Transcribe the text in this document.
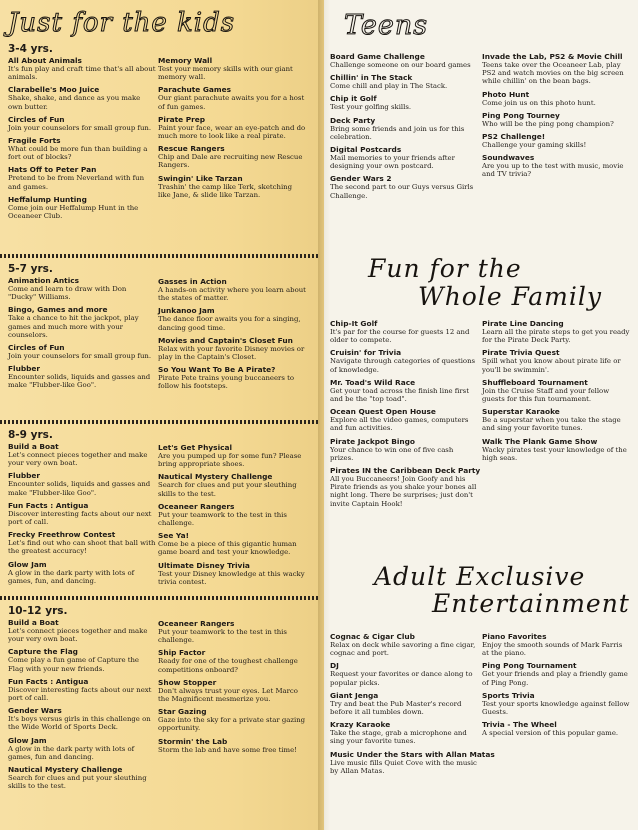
Just for the kids	Teens
Fun for the
Whole Family
Adult Exclusive
Entertainment
3-4 yrs.
All About Animals
It's fun play and craft time that's all about animals.
Clarabelle's Moo Juice
Shake, shake, and dance as you make own butter.
Circles of Fun
Join your counselors for small group fun.
Fragile Forts
What could be more fun than building a fort out of blocks?
Hats Off to Peter Pan
Pretend to be from Neverland with fun and games.
Heffalump Hunting
Come join our Heffalump Hunt in the Oceaneer Club.
Memory Wall
Test your memory skills with our giant memory wall.
Parachute Games
Our giant parachute awaits you for a host of fun games.
Pirate Prep
Paint your face, wear an eye-patch and do much more to look like a real pirate.
Rescue Rangers
Chip and Dale are recruiting new Rescue Rangers.
Swingin' Like Tarzan
Trashin' the camp like Terk, sketching like Jane, & slide like Tarzan.
5-7 yrs.
Animation Antics
Come and learn to draw with Don "Ducky" Williams.
Bingo, Games and more
Take a chance to hit the jackpot, play games and much more with your counselors.
Circles of Fun
Join your counselors for small group fun.
Flubber
Encounter solids, liquids and gasses and make "Flubber-like Goo".
Gasses in Action
A hands-on activity where you learn about the states of matter.
Junkanoo Jam
The dance floor awaits you for a singing, dancing good time.
Movies and Captain's Closet Fun
Relax with your favorite Disney movies or play in the Captain's Closet.
So You Want To Be A Pirate?
Pirate Pete trains young buccaneers to follow his footsteps.
8-9 yrs.
Build a Boat
Let's connect pieces together and make your very own boat.
Flubber
Encounter solids, liquids and gasses and make "Flubber-like Goo".
Fun Facts : Antigua
Discover interesting facts about our next port of call.
Frecky Freethrow Contest
Let's find out who can shoot that ball with the greatest accuracy!
Glow Jam
A glow in the dark party with lots of games, fun, and dancing.
Let's Get Physical
Are you pumped up for some fun? Please bring appropriate shoes.
Nautical Mystery Challenge
Search for clues and put your sleuthing skills to the test.
Oceaneer Rangers
Put your teamwork to the test in this challenge.
See Ya!
Come be a piece of this gigantic human game board and test your knowledge.
Ultimate Disney Trivia
Test your Disney knowledge at this wacky trivia contest.
10-12 yrs.
Build a Boat
Let's connect pieces together and make your very own boat.
Capture the Flag
Come play a fun game of Capture the Flag with your new friends.
Fun Facts : Antigua
Discover interesting facts about our next port of call.
Gender Wars
It's boys versus girls in this challenge on the Wide World of Sports Deck.
Glow Jam
A glow in the dark party with lots of games, fun and dancing.
Nautical Mystery Challenge
Search for clues and put your sleuthing skills to the test.
Oceaneer Rangers
Put your teamwork to the test in this challenge.
Ship Factor
Ready for one of the toughest challenge competitions onboard?
Show Stopper
Don't always trust your eyes. Let Marco the Magnificent mesmerize you.
Star Gazing
Gaze into the sky for a private star gazing opportunity.
Stormin' the Lab
Storm the lab and have some free time!
Board Game Challenge
Challenge someone on our board games
Chillin' in The Stack
Come chill and play in The Stack.
Chip it Golf
Test your golfing skills.
Deck Party
Bring some friends and join us for this celebration.
Digital Postcards
Mail memories to your friends after designing your own postcard.
Gender Wars 2
The second part to our Guys versus Girls Challenge.
Invade the Lab, PS2 & Movie Chill
Teens take over the Oceaneer Lab, play PS2 and watch movies on the big screen while chillin' on the bean bags.
Photo Hunt
Come join us on this photo hunt.
Ping Pong Tourney
Who will be the ping pong champion?
PS2 Challenge!
Challenge your gaming skills!
Soundwaves
Are you up to the test with music, movie and TV trivia?
Chip-It Golf
It's par for the course for guests 12 and older to compete.
Cruisin' for Trivia
Navigate through categories of questions of knowledge.
Mr. Toad's Wild Race
Get your toad across the finish line first and be the "top toad".
Ocean Quest Open House
Explore all the video games, computers and fun activities.
Pirate Jackpot Bingo
Your chance to win one of five cash prizes.
Pirates IN the Caribbean Deck Party
All you Buccaneers! Join Goofy and his Pirate friends as you shake your bones all night long. There be surprises; just don't invite Captain Hook!
Pirate Line Dancing
Learn all the pirate steps to get you ready for the Pirate Deck Party.
Pirate Trivia Quest
Spill what you know about pirate life or you'll be swimmin'.
Shuffleboard Tournament
Join the Cruise Staff and your fellow guests for this fun tournament.
Superstar Karaoke
Be a superstar when you take the stage and sing your favorite tunes.
Walk The Plank Game Show
Wacky pirates test your knowledge of the high seas.
Cognac & Cigar Club
Relax on deck while savoring a fine cigar, cognac and port.
DJ
Request your favorites or dance along to popular picks.
Giant Jenga
Try and beat the Pub Master's record before it all tumbles down.
Krazy Karaoke
Take the stage, grab a microphone and sing your favorite tunes.
Music Under the Stars with Allan Matas
Live music fills Quiet Cove with the music by Allan Matas.
Piano Favorites
Enjoy the smooth sounds of Mark Farris at the piano.
Ping Pong Tournament
Get your friends and play a friendly game of Ping Pong.
Sports Trivia
Test your sports knowledge against fellow Guests.
Trivia - The Wheel
A special version of this popular game.
